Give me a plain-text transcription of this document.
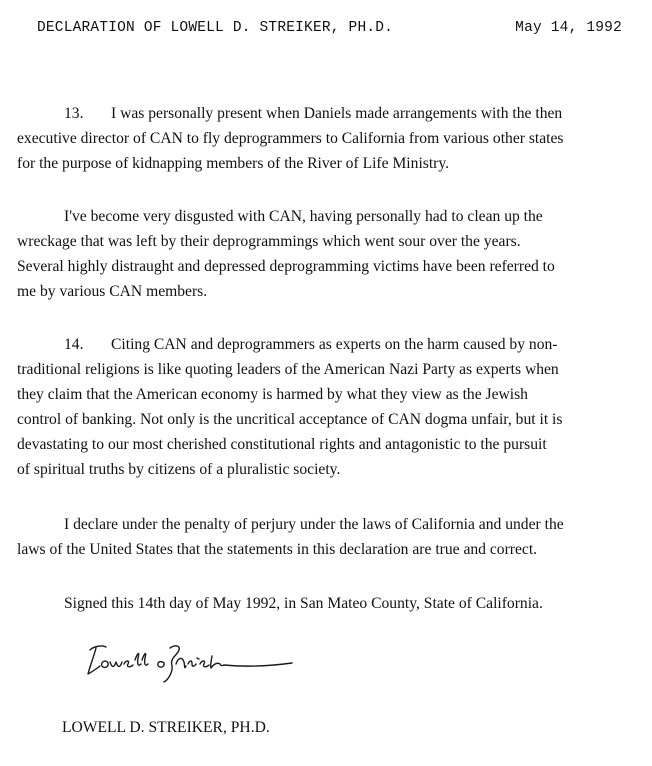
DECLARATION OF LOWELL D. STREIKER, PH.D.

	May 14, 1992

13. I was personally present when Daniels made arrangements with the then
executive director of CAN to fly deprogrammers to California from various other states
for the purpose of kidnapping members of the River of Life Ministry.
I've become very disgusted with CAN, having personally had to clean up the
wreckage that was left by their deprogrammings which went sour over the years.
Several highly distraught and depressed deprogramming victims have been referred to
me by various CAN members.
14. Citing CAN and deprogrammers as experts on the harm caused by non-
traditional religions is like quoting leaders of the American Nazi Party as experts when
they claim that the American economy is harmed by what they view as the Jewish
control of banking. Not only is the uncritical acceptance of CAN dogma unfair, but it is
devastating to our most cherished constitutional rights and antagonistic to the pursuit
of spiritual truths by citizens of a pluralistic society.
I declare under the penalty of perjury under the laws of California and under the
laws of the United States that the statements in this declaration are true and correct.
Signed this 14th day of May 1992, in San Mateo County, State of California.
LOWELL D. STREIKER, PH.D.
